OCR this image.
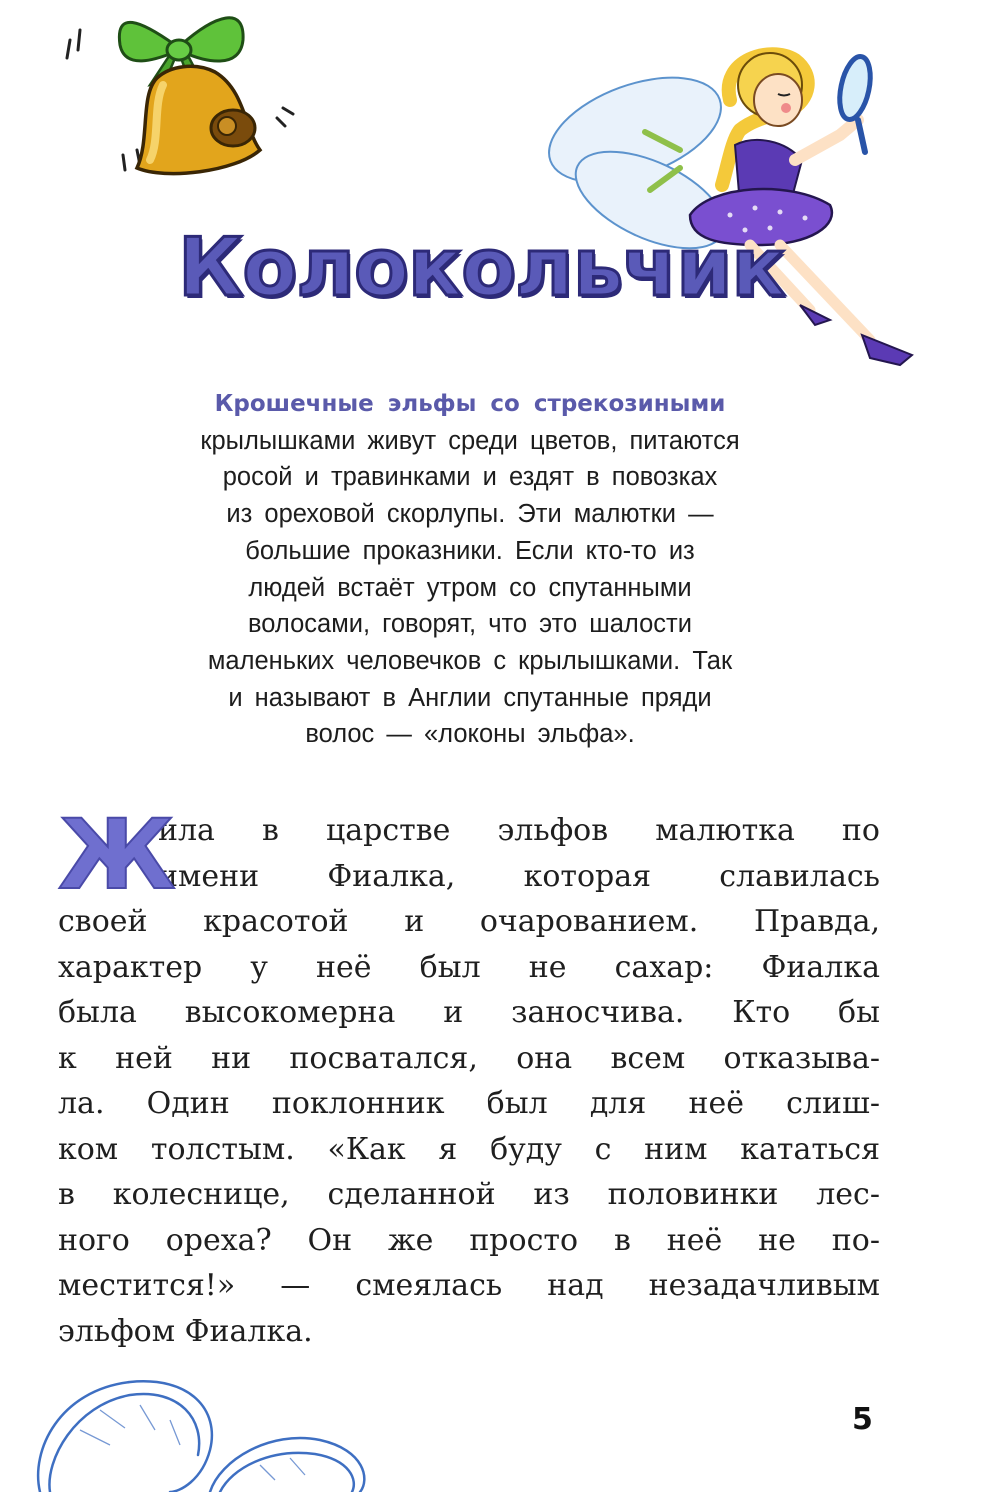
Колокольчик
Крошечные эльфы со стрекозиными
крылышками живут среди цветов, питаются
росой и травинками и ездят в повозках
из ореховой скорлупы. Эти малютки —
большие проказники. Если кто-то из
людей встаёт утром со спутанными
волосами, говорят, что это шалости
маленьких человечков с крылышками. Так
и называют в Англии спутанные пряди
волос — «локоны эльфа».
Ж
ила в царстве эльфов малютка по
имени Фиалка, которая славилась
своей красотой и очарованием. Правда,
характер у неё был не сахар: Фиалка
была высокомерна и заносчива. Кто бы
к ней ни посватался, она всем отказыва-
ла. Один поклонник был для неё слиш-
ком толстым. «Как я буду с ним кататься
в колеснице, сделанной из половинки лес-
ного ореха? Он же просто в неё не по-
местится!» — смеялась над незадачливым
эльфом Фиалка.
5
